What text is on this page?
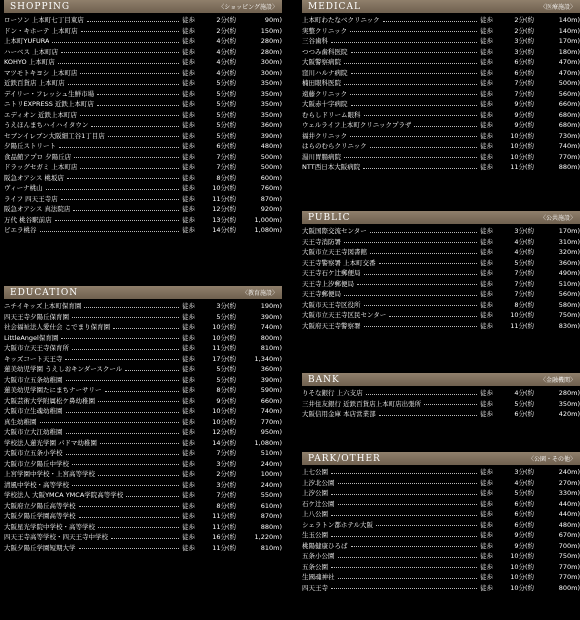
SHOPPING	〈ショッピング施設〉
ローソン 上本町七丁目東店	徒歩	2分(約	90m)
ドン・キホーテ 上本町店	徒歩	2分(約	150m)
上本町YUFURA	徒歩	4分(約	280m)
ハーベス 上本町店	徒歩	4分(約	280m)
KOHYO 上本町店	徒歩	4分(約	300m)
マツモトキヨシ 上本町店	徒歩	4分(約	300m)
近鉄百貨店 上本町店	徒歩	5分(約	350m)
デイリー・フレッシュ生鮮市場	徒歩	5分(約	350m)
ニトリEXPRESS 近鉄上本町店	徒歩	5分(約	350m)
エディオン 近鉄上本町店	徒歩	5分(約	350m)
うえほんまちハイハイタウン	徒歩	5分(約	360m)
セブンイレブン大阪細工谷1丁目店	徒歩	5分(約	390m)
夕陽丘ストリート	徒歩	6分(約	480m)
食品館アプロ 夕陽丘店	徒歩	7分(約	500m)
ドラッグセガミ 上本町店	徒歩	7分(約	500m)
阪急オアシス 桃坂店	徒歩	8分(約	600m)
ヴィーナ桃山	徒歩	10分(約	760m)
ライフ 四天王寺店	徒歩	11分(約	870m)
阪急オアシス 真法院店	徒歩	12分(約	920m)
万代 桃谷駅前店	徒歩	13分(約	1,000m)
ビエラ桃谷	徒歩	14分(約	1,080m)
EDUCATION	〈教育施設〉
ニチイキッズ上本町保育園	徒歩	3分(約	190m)
四天王寺夕陽丘保育園	徒歩	5分(約	390m)
社会福祉法人愛仕会 こでまり保育園	徒歩	10分(約	740m)
LittleAngel保育園	徒歩	10分(約	800m)
大阪市立天王寺保育所	徒歩	11分(約	810m)
キッズコート天王寺	徒歩	17分(約	1,340m)
蓮美幼児学園 うえしおキンダースクール	徒歩	5分(約	360m)
大阪市立五条幼稚園	徒歩	5分(約	390m)
蓮美幼児学園たにまちナーサリー	徒歩	8分(約	590m)
大阪芸術大学附属松ケ鼻幼稚園	徒歩	9分(約	660m)
大阪市立生魂幼稚園	徒歩	10分(約	740m)
真生幼稚園	徒歩	10分(約	770m)
大阪市立大江幼稚園	徒歩	12分(約	950m)
学校法人蓮光学園 パドマ幼稚園	徒歩	14分(約	1,080m)
大阪市立五条小学校	徒歩	7分(約	510m)
大阪市立夕陽丘中学校	徒歩	3分(約	240m)
上宮学園中学校・上宮高等学校	徒歩	2分(約	100m)
清風中学校・高等学校	徒歩	3分(約	240m)
学校法人 大阪YMCA YMCA学院高等学校	徒歩	7分(約	550m)
大阪府立夕陽丘高等学校	徒歩	8分(約	610m)
大阪夕陽丘学園高等学校	徒歩	11分(約	870m)
大阪星光学院中学校・高等学校	徒歩	11分(約	880m)
四天王寺高等学校・四天王寺中学校	徒歩	16分(約	1,220m)
大阪夕陽丘学園短期大学	徒歩	11分(約	810m)
MEDICAL	〈医療施設〉
上本町わたなべクリニック	徒歩	2分(約	140m)
実整クリニック	徒歩	2分(約	140m)
三谷歯科	徒歩	3分(約	170m)
つつみ歯科医院	徒歩	3分(約	180m)
大阪警察病院	徒歩	6分(約	470m)
窪川ハルナ病院	徒歩	6分(約	470m)
楠田眼科医院	徒歩	7分(約	500m)
遠藤クリニック	徒歩	7分(約	560m)
大阪赤十字病院	徒歩	9分(約	660m)
むらしドリーム眼科	徒歩	9分(約	680m)
ウェルライフ上本町クリニックプラザ	徒歩	9分(約	680m)
福井クリニック	徒歩	10分(約	730m)
はらのむらクリニック	徒歩	10分(約	740m)
湯川胃腸病院	徒歩	10分(約	770m)
NTT西日本大阪病院	徒歩	11分(約	880m)
PUBLIC	〈公共施設〉
大阪国際交流センター	徒歩	3分(約	170m)
天王寺消防署	徒歩	4分(約	310m)
大阪市立天王寺図書館	徒歩	4分(約	320m)
天王寺警察署 上本町交番	徒歩	5分(約	360m)
天王寺石ケ辻郵便局	徒歩	7分(約	490m)
天王寺上汐郵便局	徒歩	7分(約	510m)
天王寺郵便局	徒歩	7分(約	560m)
大阪市天王寺区役所	徒歩	8分(約	580m)
大阪市立天王寺区民センター	徒歩	10分(約	750m)
大阪府天王寺警察署	徒歩	11分(約	830m)
BANK	〈金融機関〉
りそな銀行 上六支店	徒歩	4分(約	280m)
三井住友銀行 近鉄百貨店上本町店出張所	徒歩	5分(約	350m)
大阪信用金庫 本店営業部	徒歩	6分(約	420m)
PARK/OTHER	〈公園・その他〉
上七公園	徒歩	3分(約	240m)
上汐北公園	徒歩	4分(約	270m)
上汐公園	徒歩	5分(約	330m)
石ケ辻公園	徒歩	6分(約	440m)
上八公園	徒歩	6分(約	440m)
シェラトン都ホテル大阪	徒歩	6分(約	480m)
生玉公園	徒歩	9分(約	670m)
桃陽健康ひろば	徒歩	9分(約	700m)
五条小公園	徒歩	10分(約	750m)
五条公園	徒歩	10分(約	770m)
生國魂神社	徒歩	10分(約	770m)
四天王寺	徒歩	10分(約	800m)
